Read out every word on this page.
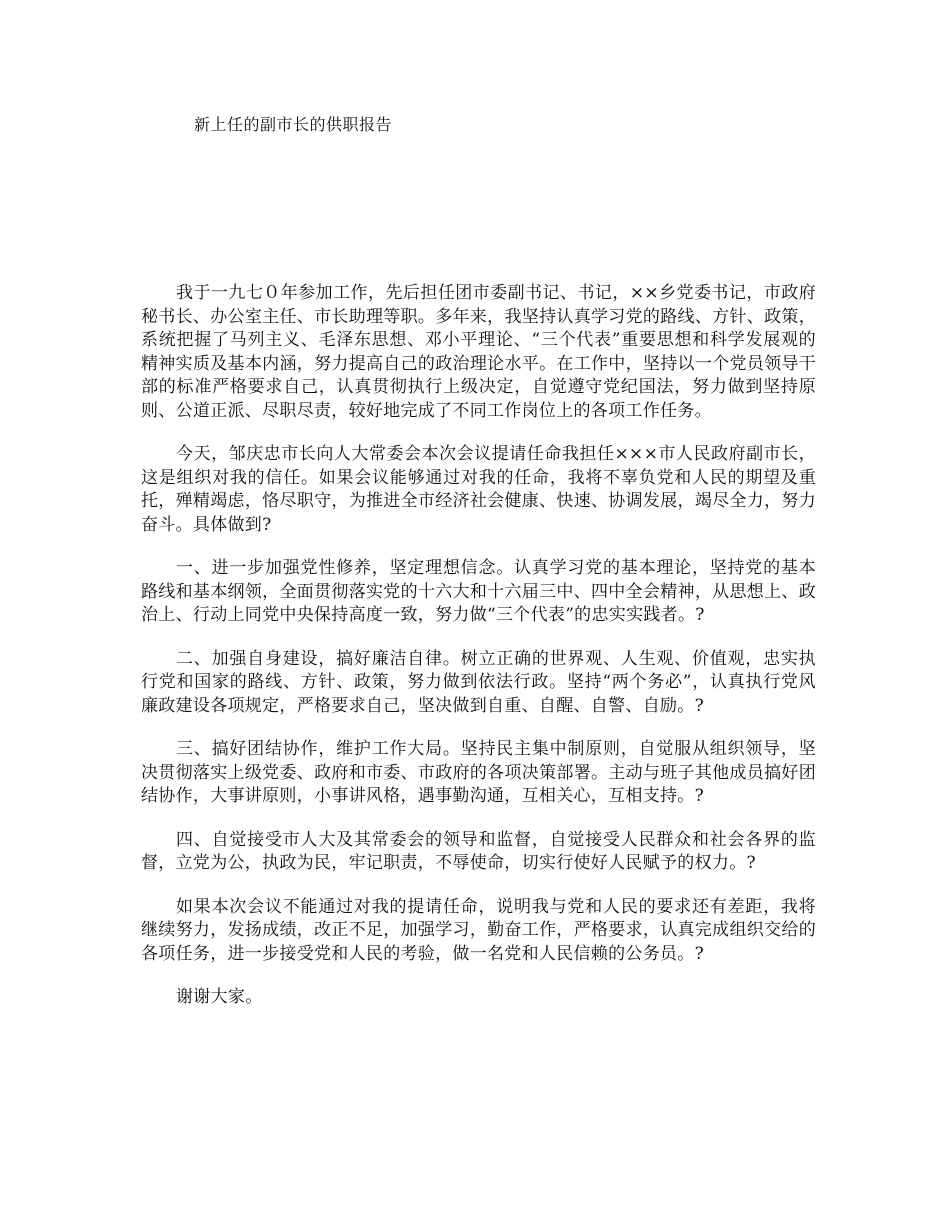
新上任的副市长的供职报告

我于一九七０年参加工作，先后担任团市委副书记、书记，××乡党委书记，市政府秘书长、办公室主任、市长助理等职。多年来，我坚持认真学习党的路线、方针、政策，系统把握了马列主义、毛泽东思想、邓小平理论、“三个代表”重要思想和科学发展观的精神实质及基本内涵，努力提高自己的政治理论水平。在工作中，坚持以一个党员领导干部的标准严格要求自己，认真贯彻执行上级决定，自觉遵守党纪国法，努力做到坚持原则、公道正派、尽职尽责，较好地完成了不同工作岗位上的各项工作任务。

今天，邹庆忠市长向人大常委会本次会议提请任命我担任×××市人民政府副市长，这是组织对我的信任。如果会议能够通过对我的任命，我将不辜负党和人民的期望及重托，殚精竭虑，恪尽职守，为推进全市经济社会健康、快速、协调发展，竭尽全力，努力奋斗。具体做到?

一、进一步加强党性修养，坚定理想信念。认真学习党的基本理论，坚持党的基本路线和基本纲领，全面贯彻落实党的十六大和十六届三中、四中全会精神，从思想上、政治上、行动上同党中央保持高度一致，努力做“三个代表”的忠实实践者。?

二、加强自身建设，搞好廉洁自律。树立正确的世界观、人生观、价值观，忠实执行党和国家的路线、方针、政策，努力做到依法行政。坚持“两个务必”，认真执行党风廉政建设各项规定，严格要求自己，坚决做到自重、自醒、自警、自励。?

三、搞好团结协作，维护工作大局。坚持民主集中制原则，自觉服从组织领导，坚决贯彻落实上级党委、政府和市委、市政府的各项决策部署。主动与班子其他成员搞好团结协作，大事讲原则，小事讲风格，遇事勤沟通，互相关心，互相支持。?

四、自觉接受市人大及其常委会的领导和监督，自觉接受人民群众和社会各界的监督，立党为公，执政为民，牢记职责，不辱使命，切实行使好人民赋予的权力。?

如果本次会议不能通过对我的提请任命，说明我与党和人民的要求还有差距，我将继续努力，发扬成绩，改正不足，加强学习，勤奋工作，严格要求，认真完成组织交给的各项任务，进一步接受党和人民的考验，做一名党和人民信赖的公务员。?

谢谢大家。
